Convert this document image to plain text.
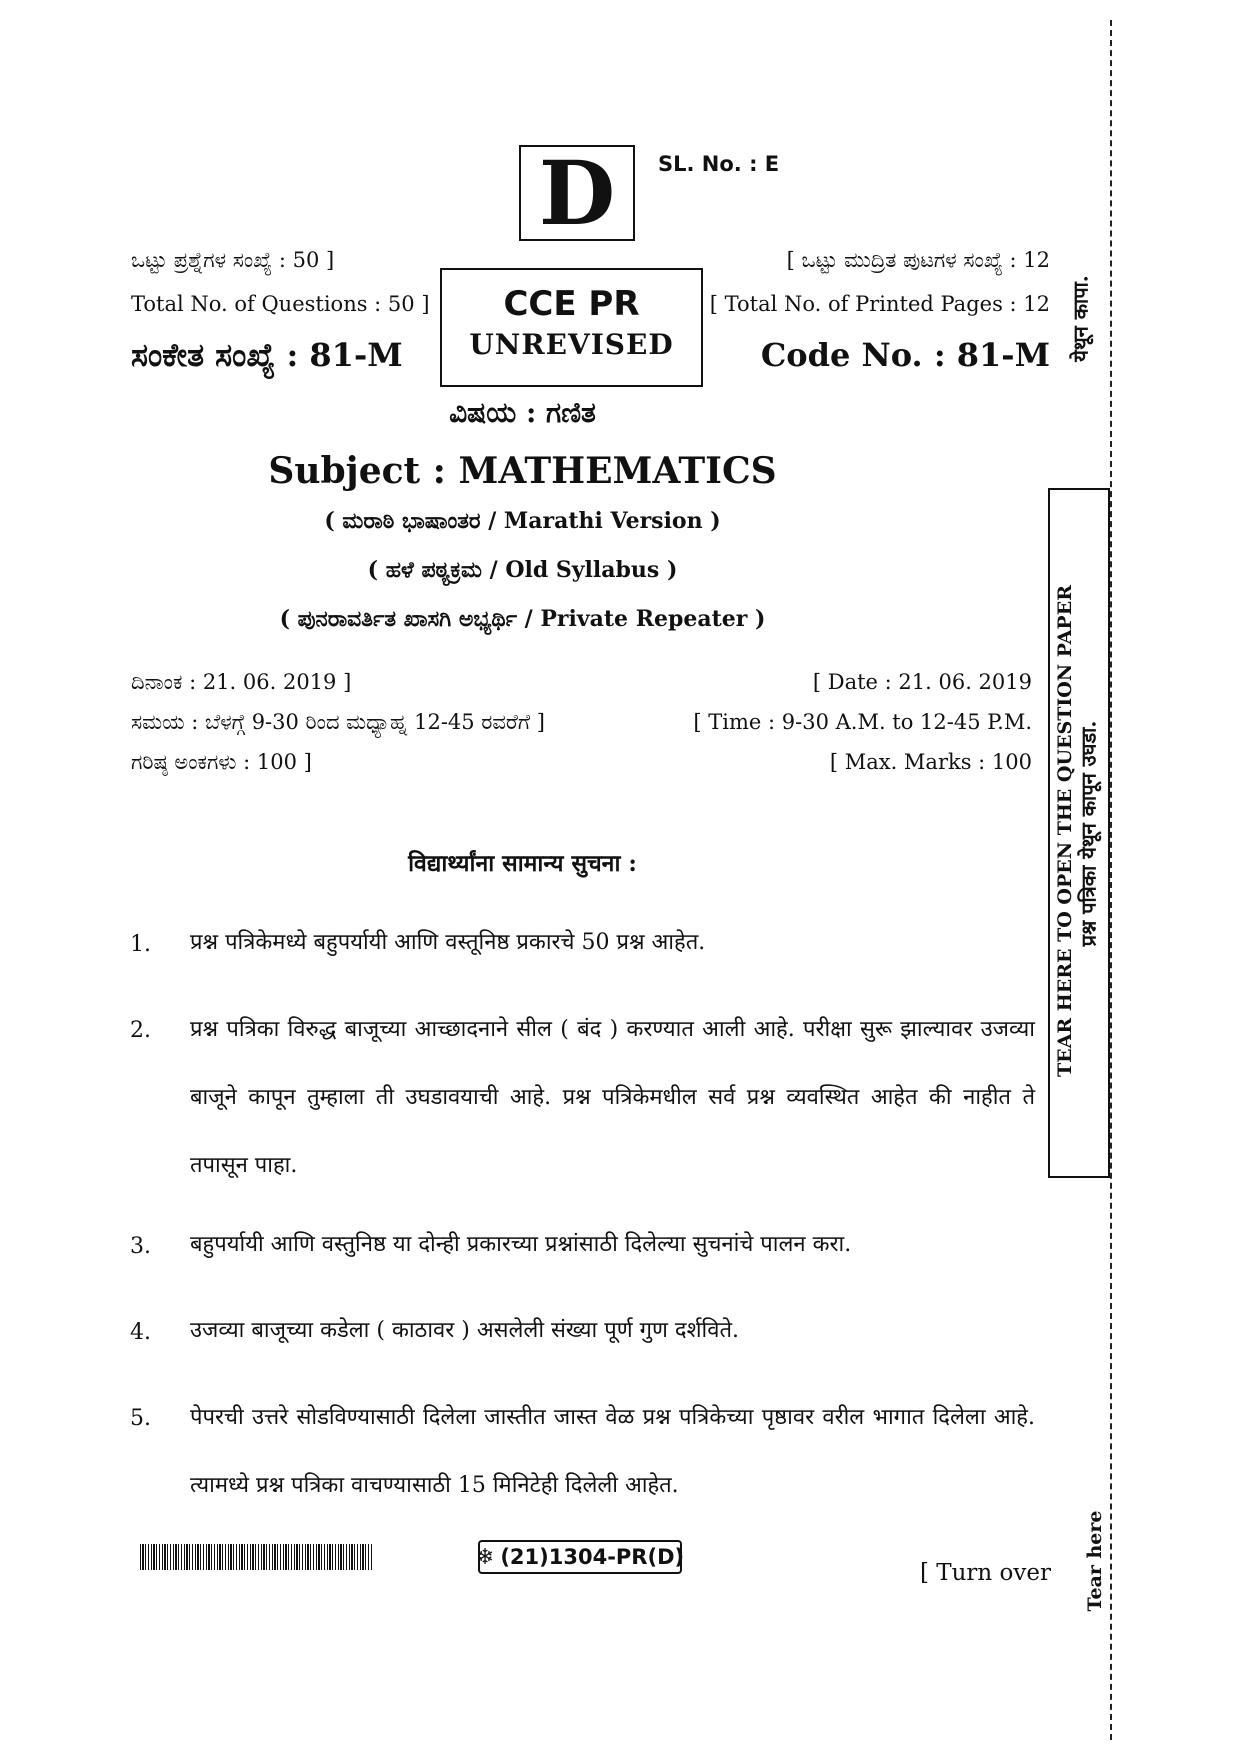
D SL. No. : E
ಒಟ್ಟು ಪ್ರಶ್ನೆಗಳ ಸಂಖ್ಯೆ : 50 ]
Total No. of Questions : 50 ]
ಸಂಕೇತ ಸಂಖ್ಯೆ : 81-M
CCE PR
UNREVISED
[ ಒಟ್ಟು ಮುದ್ರಿತ ಪುಟಗಳ ಸಂಖ್ಯೆ : 12
[ Total No. of Printed Pages : 12
Code No. : 81-M
ವಿಷಯ : ಗಣಿತ
Subject : MATHEMATICS
( ಮರಾಠಿ ಭಾಷಾಂತರ / Marathi Version )
( ಹಳೆ ಪಠ್ಯಕ್ರಮ / Old Syllabus )
( ಪುನರಾವರ್ತಿತ ಖಾಸಗಿ ಅಭ್ಯರ್ಥಿ / Private Repeater )
ದಿನಾಂಕ : 21. 06. 2019 ]
ಸಮಯ : ಬೆಳಗ್ಗೆ 9-30 ರಿಂದ ಮಧ್ಯಾಹ್ನ 12-45 ರವರೆಗೆ ]
ಗರಿಷ್ಠ ಅಂಕಗಳು : 100 ]
[ Date : 21. 06. 2019
[ Time : 9-30 A.M. to 12-45 P.M.
[ Max. Marks : 100
विद्यार्थ्यांना सामान्य सुचना :
1. प्रश्न पत्रिकेमध्ये बहुपर्यायी आणि वस्तूनिष्ठ प्रकारचे 50 प्रश्न आहेत.
2. प्रश्न पत्रिका विरुद्ध बाजूच्या आच्छादनाने सील ( बंद ) करण्यात आली आहे. परीक्षा सुरू झाल्यावर उजव्या बाजूने कापून तुम्हाला ती उघडावयाची आहे. प्रश्न पत्रिकेमधील सर्व प्रश्न व्यवस्थित आहेत की नाहीत ते तपासून पाहा.
3. बहुपर्यायी आणि वस्तुनिष्ठ या दोन्ही प्रकारच्या प्रश्नांसाठी दिलेल्या सुचनांचे पालन करा.
4. उजव्या बाजूच्या कडेला ( काठावर ) असलेली संख्या पूर्ण गुण दर्शविते.
5. पेपरची उत्तरे सोडविण्यासाठी दिलेला जास्तीत जास्त वेळ प्रश्न पत्रिकेच्या पृष्ठावर वरील भागात दिलेला आहे. त्यामध्ये प्रश्न पत्रिका वाचण्यासाठी 15 मिनिटेही दिलेली आहेत.
येथून कापा.
TEAR HERE TO OPEN THE QUESTION PAPER प्रश्न पत्रिका येथून कापून उघडा.
Tear here
❄ (21)1304-PR(D)
[ Turn over
